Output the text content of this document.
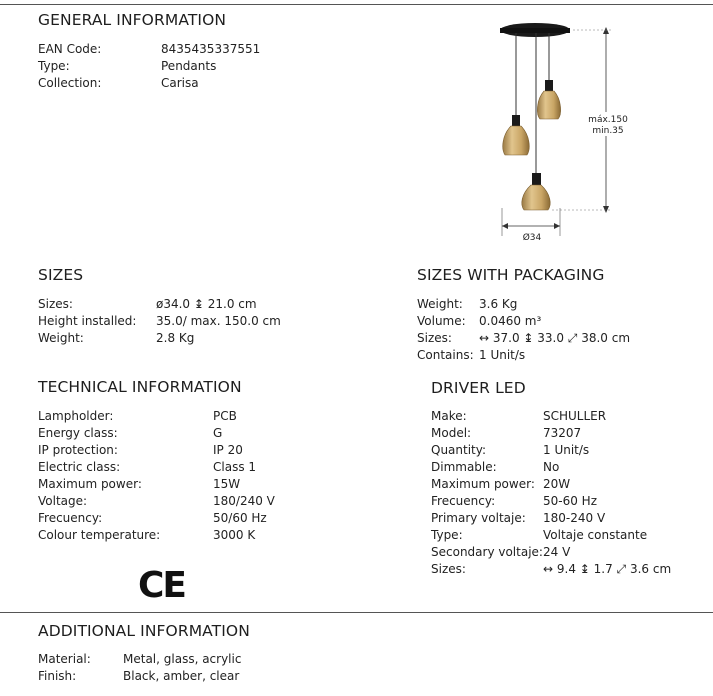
GENERAL INFORMATION
EAN Code:	8435435337551
Type:	Pendants
Collection:	Carisa
máx.150
min.35
Ø34
SIZES
Sizes:	ø34.0 ↨ 21.0 cm
Height installed: 35.0/ max. 150.0 cm
Weight:	2.8 Kg
SIZES WITH PACKAGING
Weight: 3.6 Kg
Volume: 0.0460 m³
Sizes: ↔ 37.0 ↨ 33.0 ⤢ 38.0 cm
Contains: 1 Unit/s
TECHNICAL INFORMATION
Lampholder:	PCB
Energy class:	G
IP protection:	IP 20
Electric class:	Class 1
Maximum power:	15W
Voltage:	180/240 V
Frecuency:	50/60 Hz
Colour temperature:	3000 K
CE
DRIVER LED
Make:	SCHULLER
Model:	73207
Quantity:	1 Unit/s
Dimmable:	No
Maximum power: 20W
Frecuency:	50-60 Hz
Primary voltaje: 180-240 V
Type:	Voltaje constante
Secondary voltaje: 24 V
Sizes:	↔ 9.4 ↨ 1.7 ⤢ 3.6 cm
ADDITIONAL INFORMATION
Material:	Metal, glass, acrylic
Finish:	Black, amber, clear
